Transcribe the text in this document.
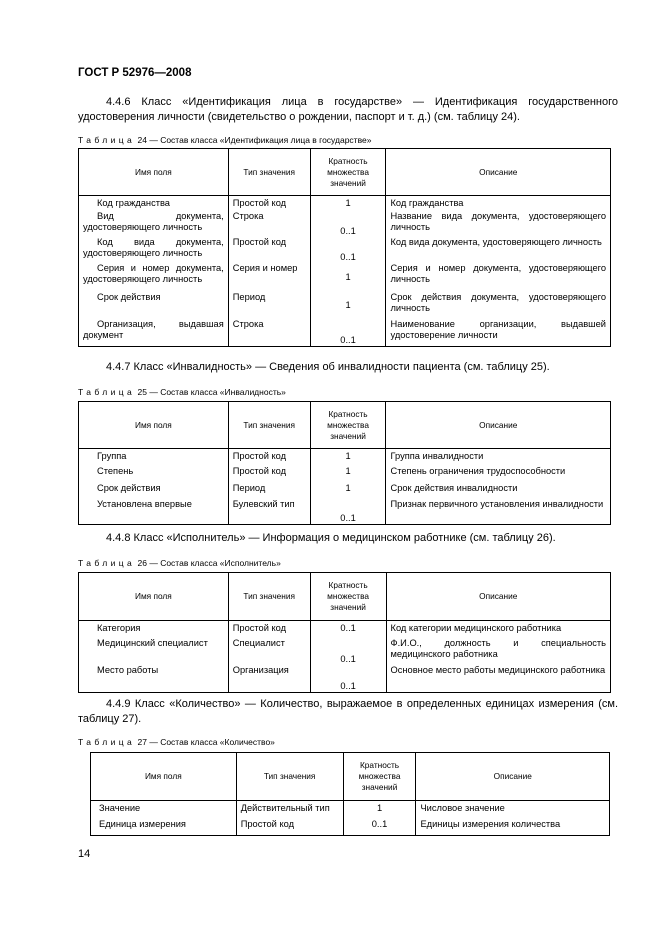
ГОСТ Р 52976—2008
4.4.6 Класс «Идентификация лица в государстве» — Идентификация государственного удостоверения личности (свидетельство о рождении, паспорт и т. д.) (см. таблицу 24).
Таблица 24 — Состав класса «Идентификация лица в государстве»
Имя поля	Тип значения	Кратность множества значений	Описание
Код гражданства	Простой код	1	Код гражданства
Вид документа, удостоверяющего личность	Строка	0..1	Название вида документа, удостоверяющего личность
Код вида документа, удостоверяющего личность	Простой код	0..1	Код вида документа, удостоверяющего личность
Серия и номер документа, удостоверяющего личность	Серия и номер	1	Серия и номер документа, удостоверяющего личность
Срок действия	Период	1	Срок действия документа, удостоверяющего личность
Организация, выдавшая документ	Строка	0..1	Наименование организации, выдавшей удостоверение личности
4.4.7 Класс «Инвалидность» — Сведения об инвалидности пациента (см. таблицу 25).
Таблица 25 — Состав класса «Инвалидность»
Имя поля	Тип значения	Кратность множества значений	Описание
Группа	Простой код	1	Группа инвалидности
Степень	Простой код	1	Степень ограничения трудоспособности
Срок действия	Период	1	Срок действия инвалидности
Установлена впервые	Булевский тип	0..1	Признак первичного установления инвалидности
4.4.8 Класс «Исполнитель» — Информация о медицинском работнике (см. таблицу 26).
Таблица 26 — Состав класса «Исполнитель»
Имя поля	Тип значения	Кратность множества значений	Описание
Категория	Простой код	0..1	Код категории медицинского работника
Медицинский специалист	Специалист	0..1	Ф.И.О., должность и специальность медицинского работника
Место работы	Организация	0..1	Основное место работы медицинского работника
4.4.9 Класс «Количество» — Количество, выражаемое в определенных единицах измерения (см. таблицу 27).
Таблица 27 — Состав класса «Количество»
Имя поля	Тип значения	Кратность множества значений	Описание
Значение	Действительный тип	1	Числовое значение
Единица измерения	Простой код	0..1	Единицы измерения количества
14
